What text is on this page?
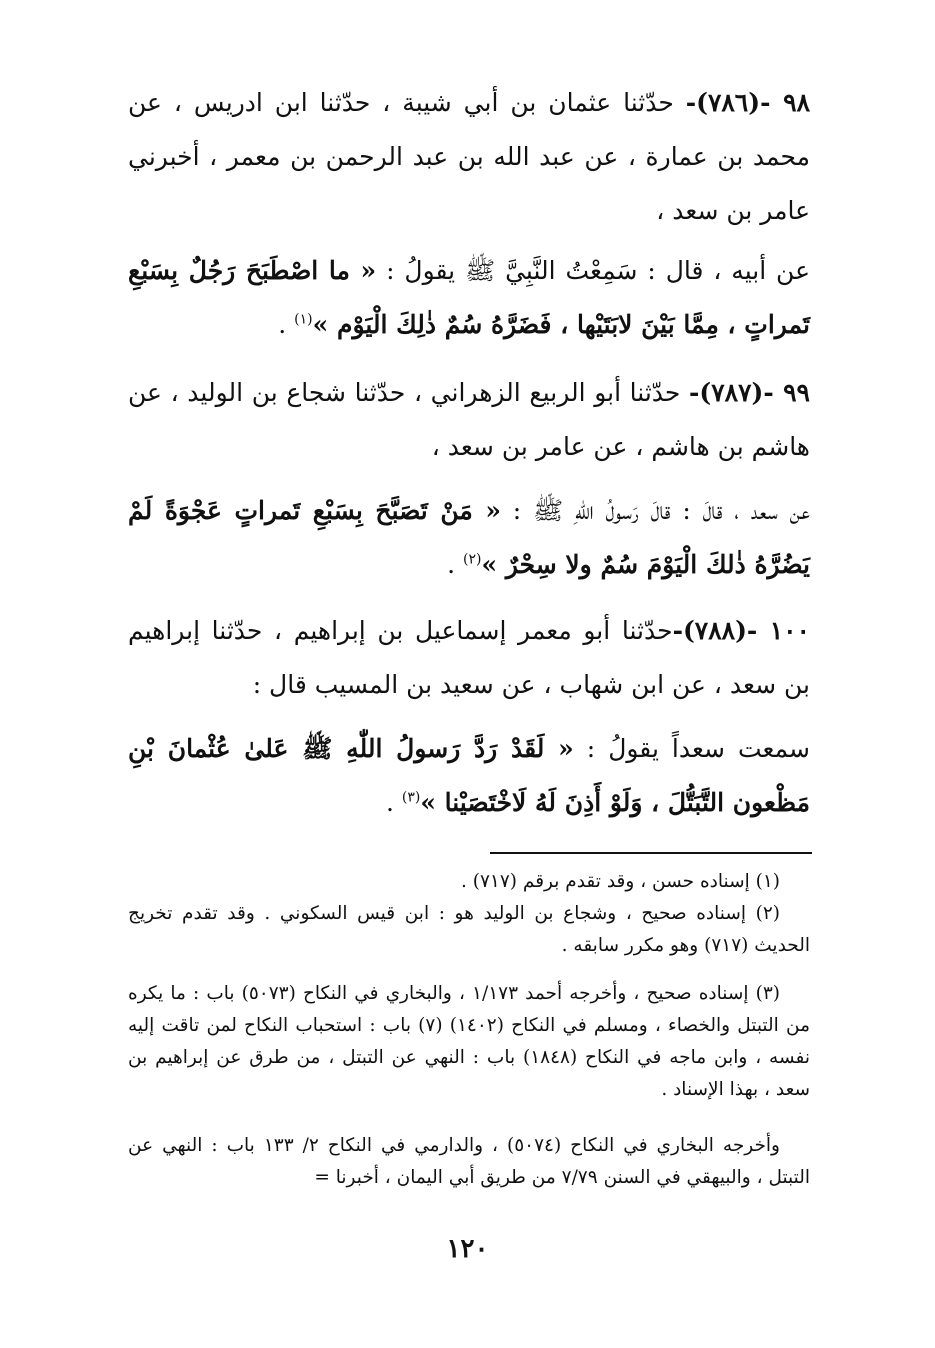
٩٨ -(٧٨٦)- حدّثنا عثمان بن أبي شيبة ، حدّثنا ابن ادريس ، عن محمد بن عمارة ، عن عبد الله بن عبد الرحمن بن معمر ، أخبرني عامر بن سعد ،

عن أبيه ، قال : سَمِعْتُ النَّبِيَّ ﷺ يقولُ : « ما اصْطَبَحَ رَجُلٌ بِسَبْعِ تَمراتٍ ، مِمَّا بَيْنَ لابَتَيْها ، فَضَرَّهُ سُمٌ ذٰلِكَ الْيَوْم »$^{(١)}$ .

٩٩ -(٧٨٧)- حدّثنا أبو الربيع الزهراني ، حدّثنا شجاع بن الوليد ، عن هاشم بن هاشم ، عن عامر بن سعد ،

عن سعد ، قالَ : قالَ رَسولُ اللّٰهِ ﷺ : « مَنْ تَصَبَّحَ بِسَبْعِ تَمراتٍ عَجْوَةً لَمْ يَضُرَّهُ ذٰلكَ الْيَوْمَ سُمٌ ولا سِحْرٌ »$^{(٢)}$ .

١٠٠ -(٧٨٨)-حدّثنا أبو معمر إسماعيل بن إبراهيم ، حدّثنا إبراهيم بن سعد ، عن ابن شهاب ، عن سعيد بن المسيب قال :

سمعت سعداً يقولُ : « لَقَدْ رَدَّ رَسولُ اللّٰهِ ﷺ عَلىٰ عُثْمانَ بْنِ مَظْعون التَّبَتُّلَ ، وَلَوْ أَذِنَ لَهُ لَاخْتَصَيْنا »$^{(٣)}$ .

(١) إسناده حسن ، وقد تقدم برقم (٧١٧) .

(٢) إسناده صحيح ، وشجاع بن الوليد هو : ابن قيس السكوني . وقد تقدم تخريج الحديث (٧١٧) وهو مكرر سابقه .

(٣) إسناده صحيح ، وأخرجه أحمد ١/١٧٣ ، والبخاري في النكاح (٥٠٧٣) باب : ما يكره من التبتل والخصاء ، ومسلم في النكاح (١٤٠٢) (٧) باب : استحباب النكاح لمن تاقت إليه نفسه ، وابن ماجه في النكاح (١٨٤٨) باب : النهي عن التبتل ، من طرق عن إبراهيم بن سعد ، بهذا الإسناد .

وأخرجه البخاري في النكاح (٥٠٧٤) ، والدارمي في النكاح ٢/ ١٣٣ باب : النهي عن التبتل ، والبيهقي في السنن ٧/٧٩ من طريق أبي اليمان ، أخبرنا =

١٢٠
